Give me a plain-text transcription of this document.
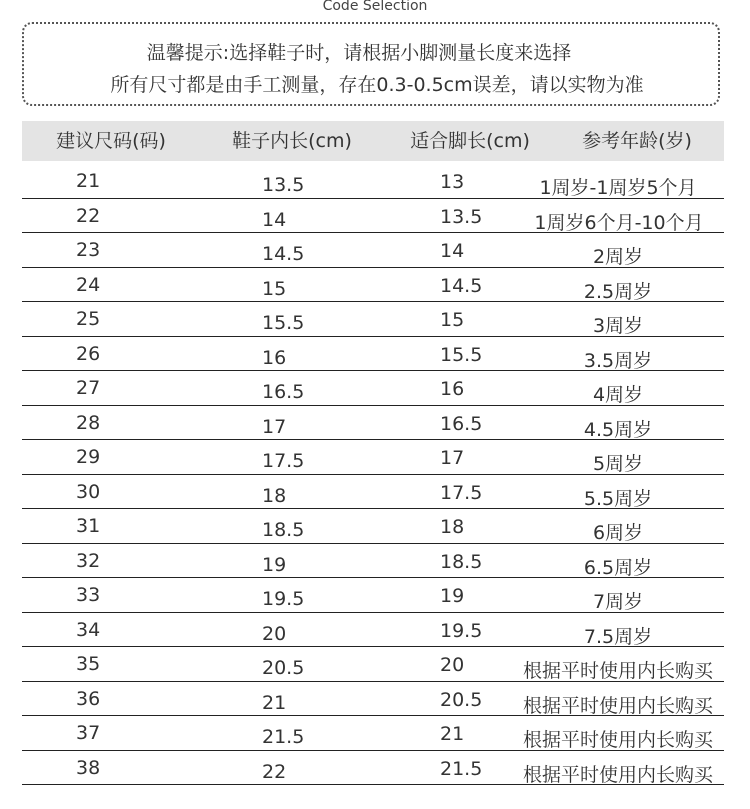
Code Selection
温馨提示:选择鞋子时，请根据小脚测量长度来选择
所有尺寸都是由手工测量，存在0.3-0.5cm误差，请以实物为准
建议尺码(码)	鞋子内长(cm)	适合脚长(cm)	参考年龄(岁)
21	13.5	13	1周岁-1周岁5个月
22	14	13.5	1周岁6个月-10个月
23	14.5	14	2周岁
24	15	14.5	2.5周岁
25	15.5	15	3周岁
26	16	15.5	3.5周岁
27	16.5	16	4周岁
28	17	16.5	4.5周岁
29	17.5	17	5周岁
30	18	17.5	5.5周岁
31	18.5	18	6周岁
32	19	18.5	6.5周岁
33	19.5	19	7周岁
34	20	19.5	7.5周岁
35	20.5	20	根据平时使用内长购买
36	21	20.5	根据平时使用内长购买
37	21.5	21	根据平时使用内长购买
38	22	21.5	根据平时使用内长购买
